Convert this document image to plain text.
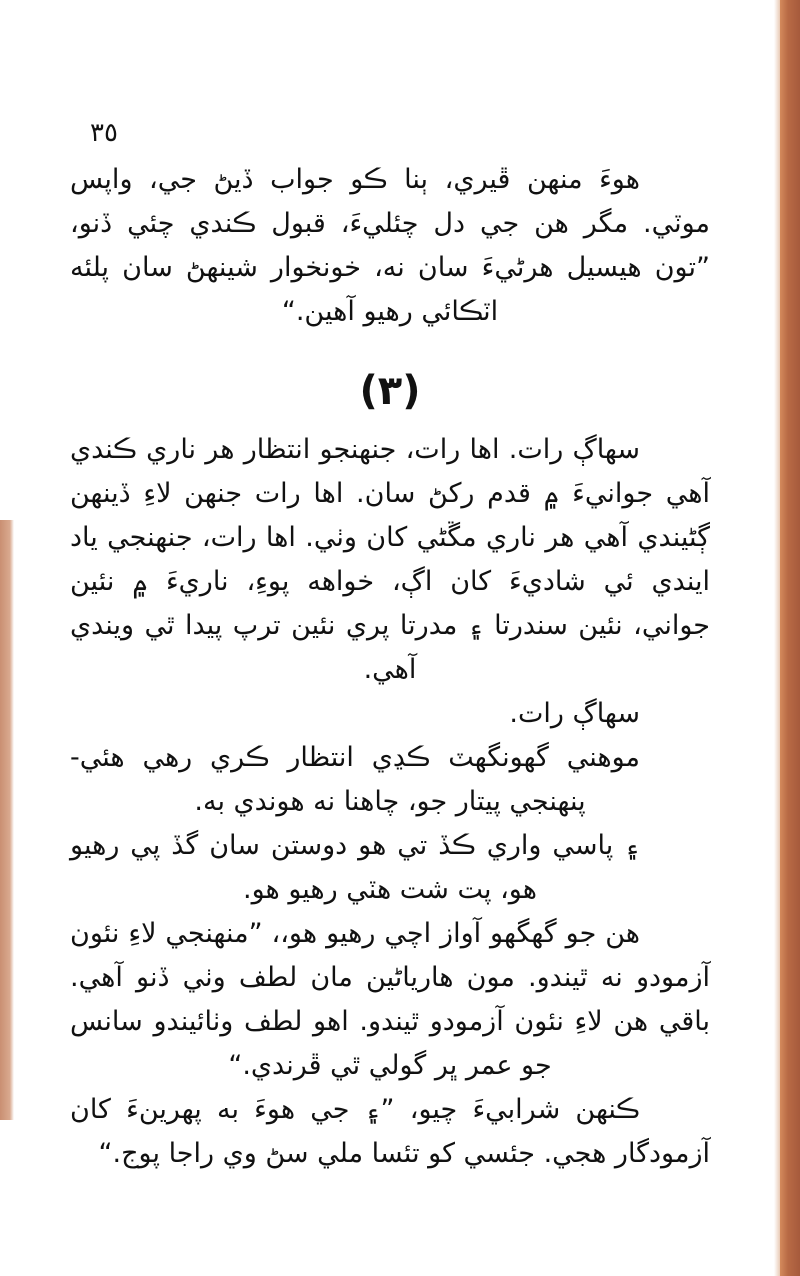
٣٥

هوءَ منهن ڦيري، ٻنا ڪو جواب ڏيڻ جي، واپس موٽي. مگر هن جي دل چئليءَ، قبول ڪندي چئي ڏنو، ”تون هيسيل هرڻيءَ سان نه، خونخوار شينهڻ سان پلئه اٽڪائي رهيو آهين.“

(٣)

سهاڳ رات. اها رات، جنهنجو انتظار هر ناري ڪندي آهي جوانيءَ ۾ قدم رکڻ سان. اها رات جنهن لاءِ ڏينهن ڳڻيندي آهي هر ناري مڱڻي کان وٺي. اها رات، جنهنجي ياد ايندي ئي شاديءَ کان اڳ، خواهه پوءِ، ناريءَ ۾ نئين جواني، نئين سندرتا ۽ مدرتا پري نئين ترپ پيدا ٿي ويندي آهي.

سهاڳ رات.

موهني گهونگهٽ ڪڍي انتظار ڪري رهي هئي- پنهنجي پيتار جو، چاهنا نه هوندي به.

۽ پاسي واري ڪڏ تي هو دوستن سان گڏ پي رهيو هو، پت شت هٽي رهيو هو.

هن جو گهگهو آواز اچي رهيو هو،، ”منهنجي لاءِ نئون آزمودو نه ٿيندو. مون هارياڻين مان لطف وٺي ڏنو آهي. باقي هن لاءِ نئون آزمودو ٿيندو. اهو لطف وٺائيندو سانس جو عمر ڀر گولي ٿي ڦرندي.“

ڪنهن شرابيءَ چيو، ”۽ جي هوءَ به پهرينءَ کان آزمودگار هجي. جئسي کو تئسا ملي سڻ وي راجا پوج.“
